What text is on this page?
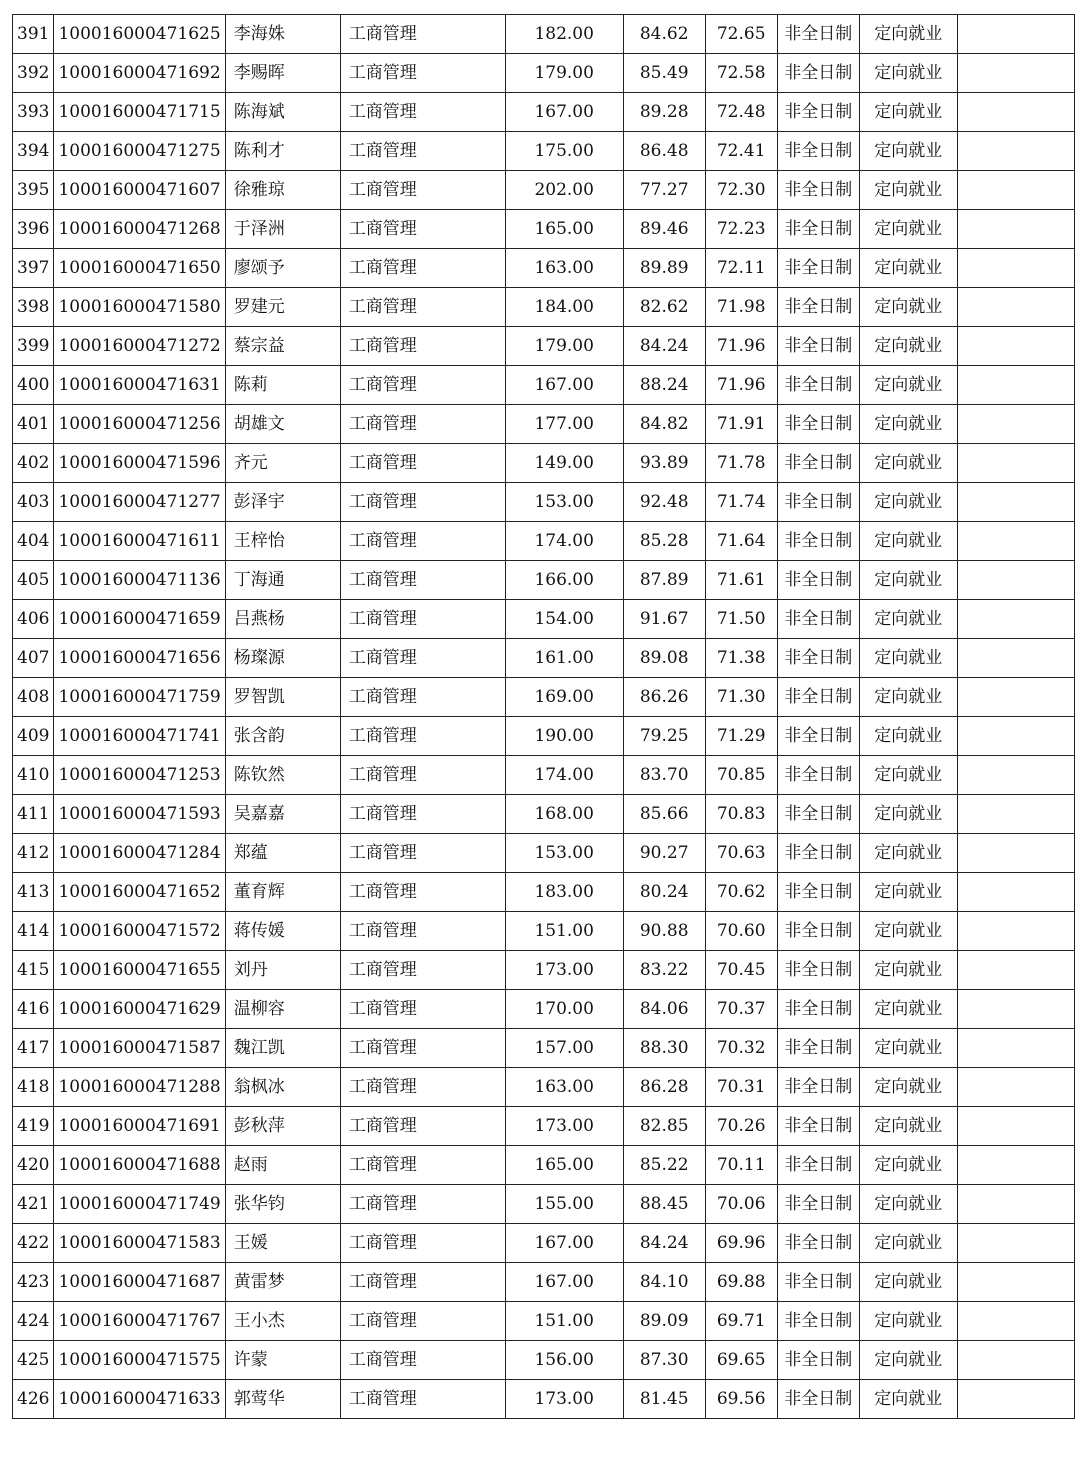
391	100016000471625	李海姝	工商管理	182.00	84.62	72.65	非全日制	定向就业	
392	100016000471692	李赐晖	工商管理	179.00	85.49	72.58	非全日制	定向就业	
393	100016000471715	陈海斌	工商管理	167.00	89.28	72.48	非全日制	定向就业	
394	100016000471275	陈利才	工商管理	175.00	86.48	72.41	非全日制	定向就业	
395	100016000471607	徐雅琼	工商管理	202.00	77.27	72.30	非全日制	定向就业	
396	100016000471268	于泽洲	工商管理	165.00	89.46	72.23	非全日制	定向就业	
397	100016000471650	廖颂予	工商管理	163.00	89.89	72.11	非全日制	定向就业	
398	100016000471580	罗建元	工商管理	184.00	82.62	71.98	非全日制	定向就业	
399	100016000471272	蔡宗益	工商管理	179.00	84.24	71.96	非全日制	定向就业	
400	100016000471631	陈莉	工商管理	167.00	88.24	71.96	非全日制	定向就业	
401	100016000471256	胡雄文	工商管理	177.00	84.82	71.91	非全日制	定向就业	
402	100016000471596	齐元	工商管理	149.00	93.89	71.78	非全日制	定向就业	
403	100016000471277	彭泽宇	工商管理	153.00	92.48	71.74	非全日制	定向就业	
404	100016000471611	王梓怡	工商管理	174.00	85.28	71.64	非全日制	定向就业	
405	100016000471136	丁海通	工商管理	166.00	87.89	71.61	非全日制	定向就业	
406	100016000471659	吕燕杨	工商管理	154.00	91.67	71.50	非全日制	定向就业	
407	100016000471656	杨璨源	工商管理	161.00	89.08	71.38	非全日制	定向就业	
408	100016000471759	罗智凯	工商管理	169.00	86.26	71.30	非全日制	定向就业	
409	100016000471741	张含韵	工商管理	190.00	79.25	71.29	非全日制	定向就业	
410	100016000471253	陈钦然	工商管理	174.00	83.70	70.85	非全日制	定向就业	
411	100016000471593	吴嘉嘉	工商管理	168.00	85.66	70.83	非全日制	定向就业	
412	100016000471284	郑蕴	工商管理	153.00	90.27	70.63	非全日制	定向就业	
413	100016000471652	董育辉	工商管理	183.00	80.24	70.62	非全日制	定向就业	
414	100016000471572	蒋传媛	工商管理	151.00	90.88	70.60	非全日制	定向就业	
415	100016000471655	刘丹	工商管理	173.00	83.22	70.45	非全日制	定向就业	
416	100016000471629	温柳容	工商管理	170.00	84.06	70.37	非全日制	定向就业	
417	100016000471587	魏江凯	工商管理	157.00	88.30	70.32	非全日制	定向就业	
418	100016000471288	翁枫冰	工商管理	163.00	86.28	70.31	非全日制	定向就业	
419	100016000471691	彭秋萍	工商管理	173.00	82.85	70.26	非全日制	定向就业	
420	100016000471688	赵雨	工商管理	165.00	85.22	70.11	非全日制	定向就业	
421	100016000471749	张华钧	工商管理	155.00	88.45	70.06	非全日制	定向就业	
422	100016000471583	王媛	工商管理	167.00	84.24	69.96	非全日制	定向就业	
423	100016000471687	黄雷梦	工商管理	167.00	84.10	69.88	非全日制	定向就业	
424	100016000471767	王小杰	工商管理	151.00	89.09	69.71	非全日制	定向就业	
425	100016000471575	许蒙	工商管理	156.00	87.30	69.65	非全日制	定向就业	
426	100016000471633	郭莺华	工商管理	173.00	81.45	69.56	非全日制	定向就业	
